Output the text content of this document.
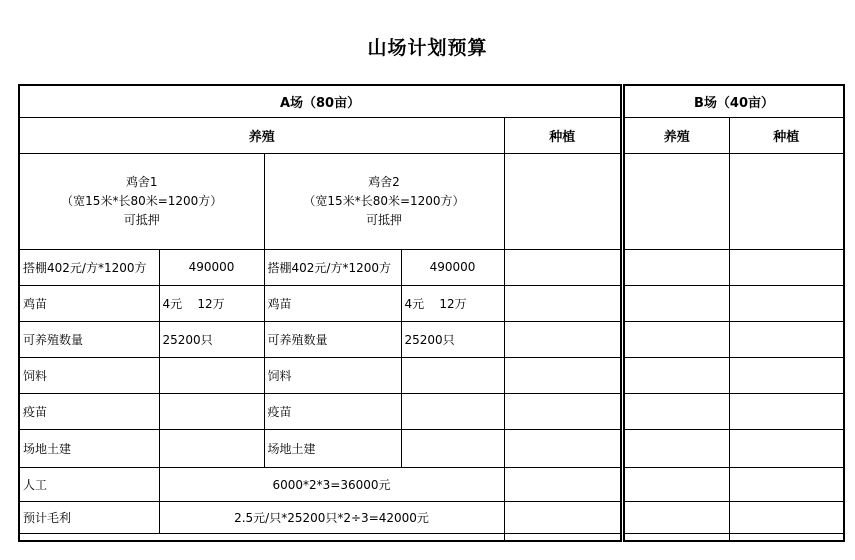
山场计划预算
A场（80亩）				
养殖				种植

鸡舍1
（宽15米*长80米=1200方）
可抵押

鸡舍2
（宽15米*长80米=1200方）
可抵押

搭棚402元/方*1200方	490000	搭棚402元/方*1200方	490000	
鸡苗	4元    12万	鸡苗	4元    12万	
可养殖数量	25200只	可养殖数量	25200只	
饲料		饲料		
疫苗		疫苗		
场地土建		场地土建		
人工	6000*2*3=36000元			
预计毛利	2.5元/只*25200只*2÷3=42000元			

B场（40亩）	
养殖	种植
